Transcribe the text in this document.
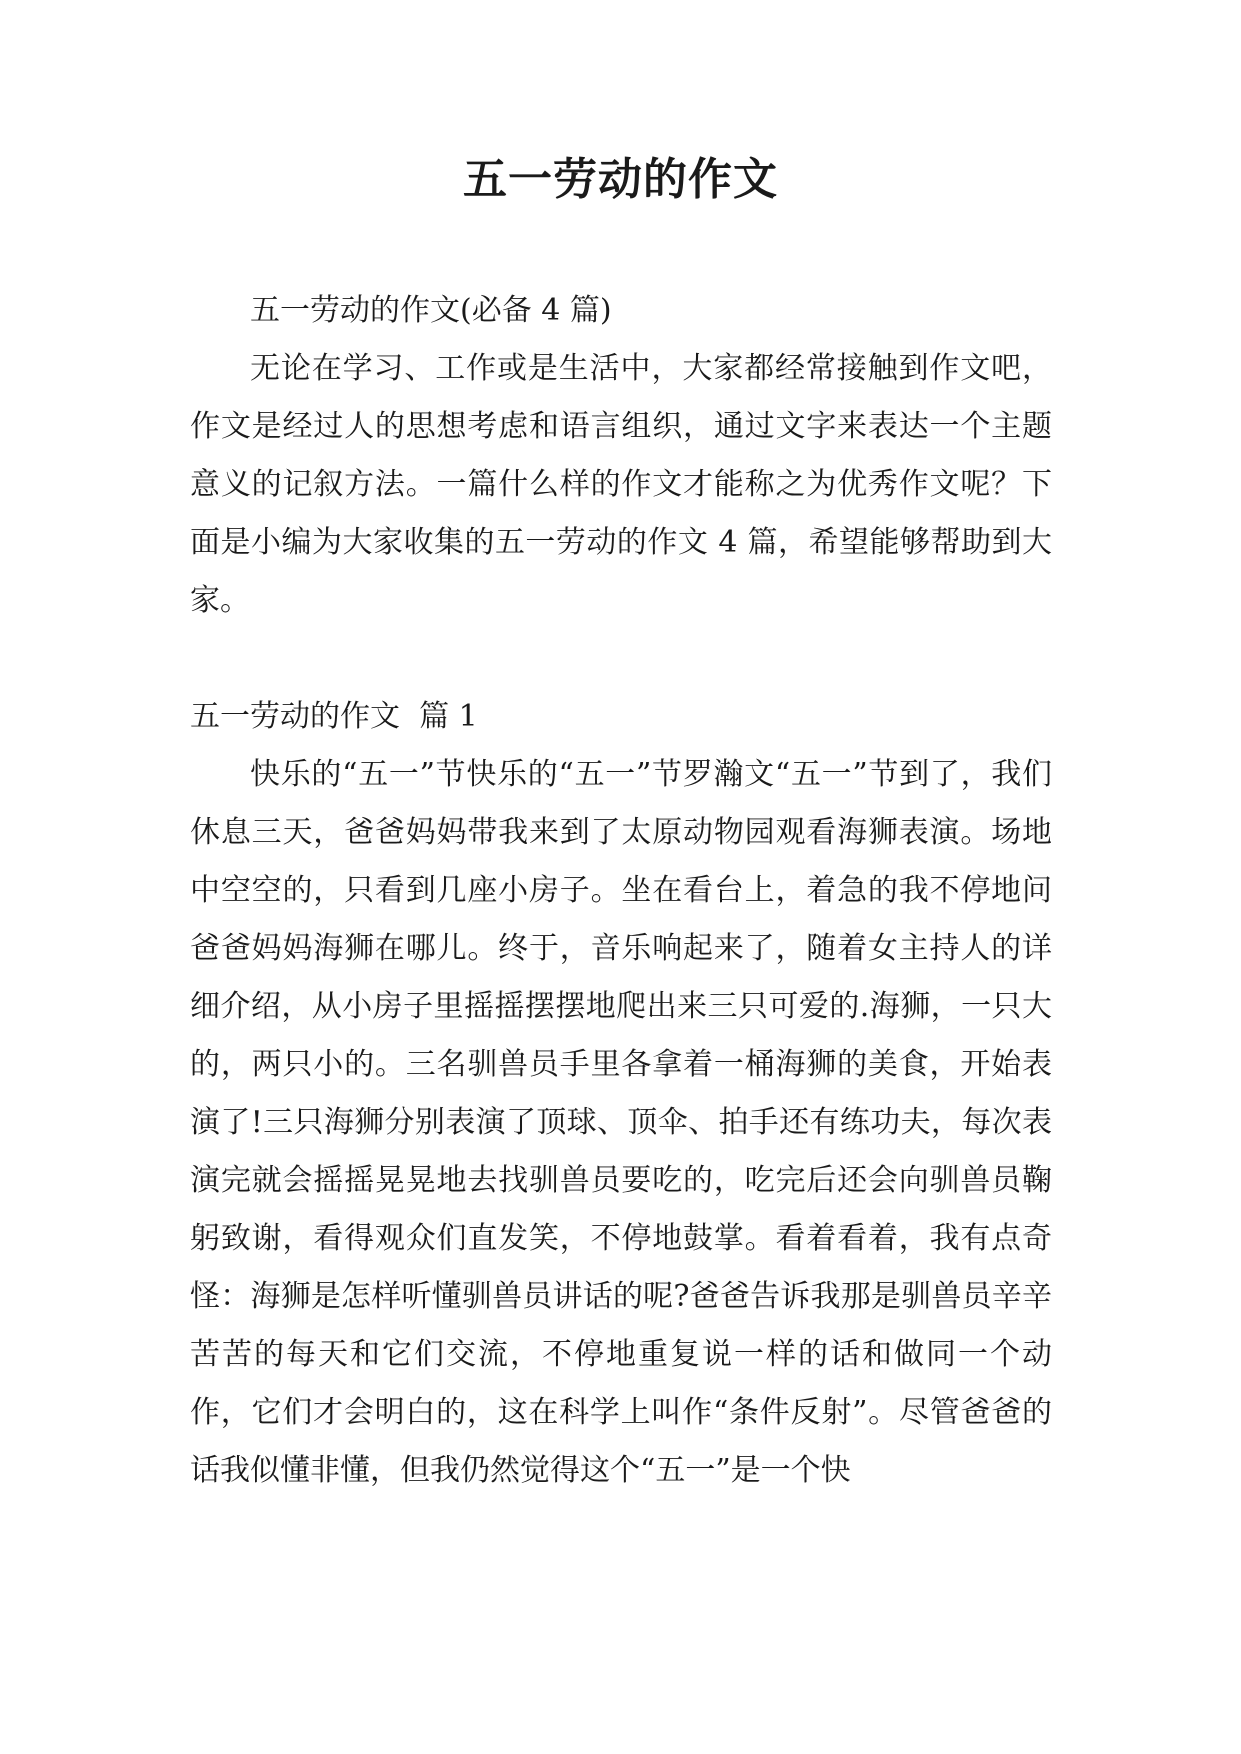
五一劳动的作文

五一劳动的作文(必备 4 篇)

无论在学习、工作或是生活中，大家都经常接触到作文吧，作文是经过人的思想考虑和语言组织，通过文字来表达一个主题意义的记叙方法。一篇什么样的作文才能称之为优秀作文呢？下面是小编为大家收集的五一劳动的作文 4 篇，希望能够帮助到大家。

五一劳动的作文  篇 1

快乐的“五一”节快乐的“五一”节罗瀚文“五一”节到了，我们休息三天，爸爸妈妈带我来到了太原动物园观看海狮表演。场地中空空的，只看到几座小房子。坐在看台上，着急的我不停地问爸爸妈妈海狮在哪儿。终于，音乐响起来了，随着女主持人的详细介绍，从小房子里摇摇摆摆地爬出来三只可爱的.海狮，一只大的，两只小的。三名驯兽员手里各拿着一桶海狮的美食，开始表演了!三只海狮分别表演了顶球、顶伞、拍手还有练功夫，每次表演完就会摇摇晃晃地去找驯兽员要吃的，吃完后还会向驯兽员鞠躬致谢，看得观众们直发笑，不停地鼓掌。看着看着，我有点奇怪：海狮是怎样听懂驯兽员讲话的呢?爸爸告诉我那是驯兽员辛辛苦苦的每天和它们交流，不停地重复说一样的话和做同一个动作，它们才会明白的，这在科学上叫作“条件反射”。尽管爸爸的话我似懂非懂，但我仍然觉得这个“五一”是一个快
